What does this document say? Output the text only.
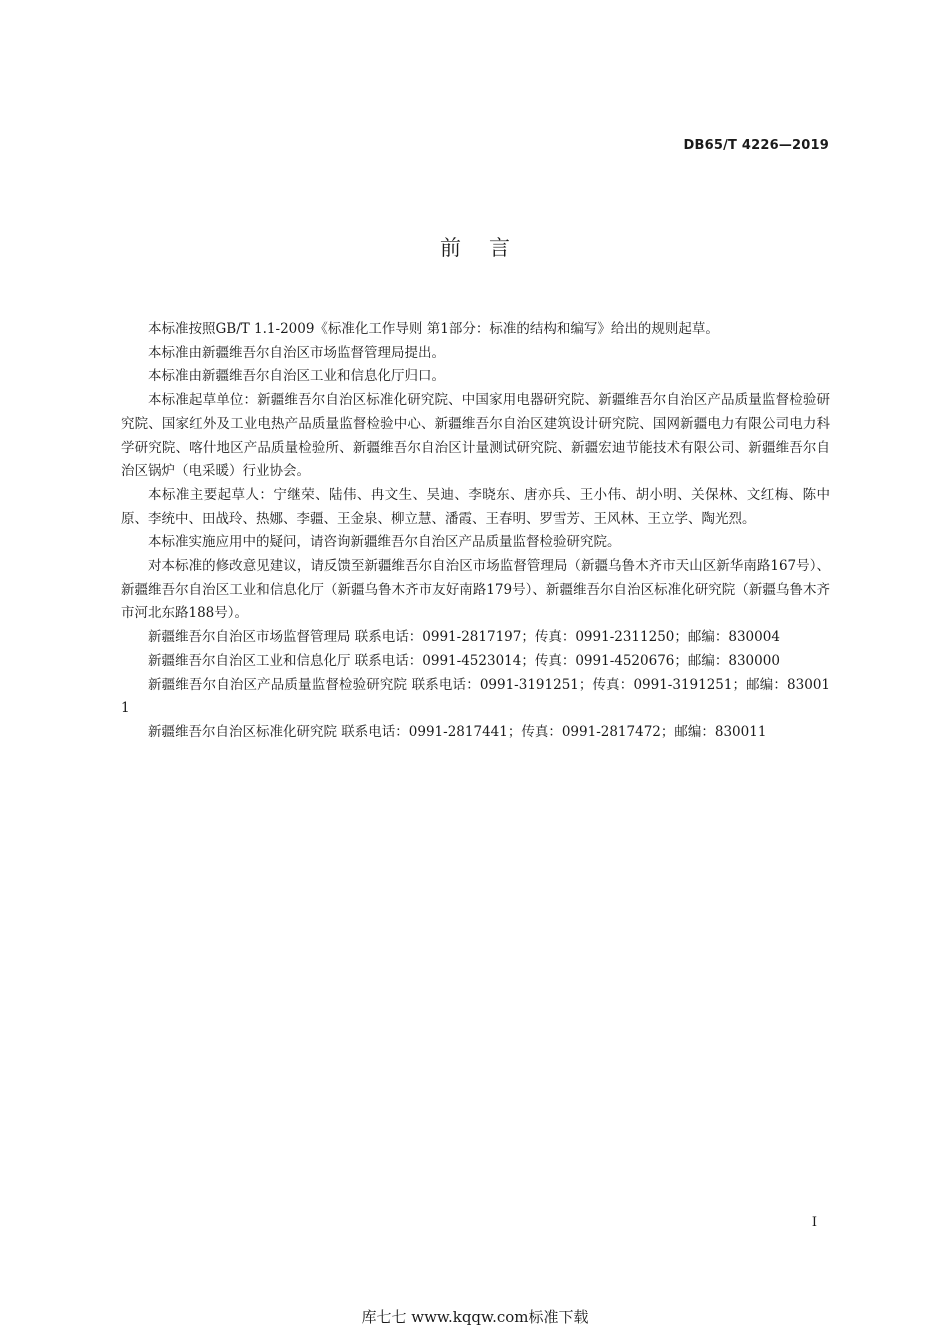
DB65/T 4226—2019
前言

本标准按照GB/T 1.1-2009《标准化工作导则 第1部分：标准的结构和编写》给出的规则起草。

本标准由新疆维吾尔自治区市场监督管理局提出。

本标准由新疆维吾尔自治区工业和信息化厅归口。

本标准起草单位：新疆维吾尔自治区标准化研究院、中国家用电器研究院、新疆维吾尔自治区产品质量监督检验研究院、国家红外及工业电热产品质量监督检验中心、新疆维吾尔自治区建筑设计研究院、国网新疆电力有限公司电力科学研究院、喀什地区产品质量检验所、新疆维吾尔自治区计量测试研究院、新疆宏迪节能技术有限公司、新疆维吾尔自治区锅炉（电采暖）行业协会。

本标准主要起草人：宁继荣、陆伟、冉文生、吴迪、李晓东、唐亦兵、王小伟、胡小明、关保林、文红梅、陈中原、李统中、田战玲、热娜、李疆、王金泉、柳立慧、潘霞、王春明、罗雪芳、王风林、王立学、陶光烈。

本标准实施应用中的疑问，请咨询新疆维吾尔自治区产品质量监督检验研究院。

对本标准的修改意见建议，请反馈至新疆维吾尔自治区市场监督管理局（新疆乌鲁木齐市天山区新华南路167号）、新疆维吾尔自治区工业和信息化厅（新疆乌鲁木齐市友好南路179号）、新疆维吾尔自治区标准化研究院（新疆乌鲁木齐市河北东路188号）。

新疆维吾尔自治区市场监督管理局 联系电话：0991-2817197；传真：0991-2311250；邮编：830004

新疆维吾尔自治区工业和信息化厅 联系电话：0991-4523014；传真：0991-4520676；邮编：830000

新疆维吾尔自治区产品质量监督检验研究院 联系电话：0991-3191251；传真：0991-3191251；邮编：830011

新疆维吾尔自治区标准化研究院 联系电话：0991-2817441；传真：0991-2817472；邮编：830011

I
库七七 www.kqqw.com标准下载
